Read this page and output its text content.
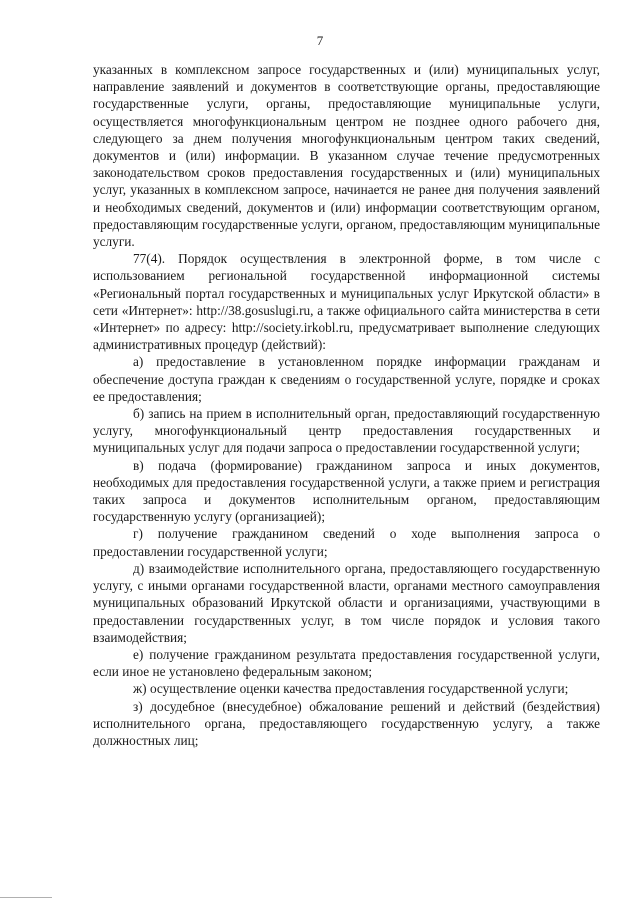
7

указанных в комплексном запросе государственных и (или) муниципальных услуг, направление заявлений и документов в соответствующие органы, предоставляющие государственные услуги, органы, предоставляющие муниципальные услуги, осуществляется многофункциональным центром не позднее одного рабочего дня, следующего за днем получения многофункциональным центром таких сведений, документов и (или) информации. В указанном случае течение предусмотренных законодательством сроков предоставления государственных и (или) муниципальных услуг, указанных в комплексном запросе, начинается не ранее дня получения заявлений и необходимых сведений, документов и (или) информации соответствующим органом, предоставляющим государственные услуги, органом, предоставляющим муниципальные услуги.

77(4). Порядок осуществления в электронной форме, в том числе с использованием региональной государственной информационной системы «Региональный портал государственных и муниципальных услуг Иркутской области» в сети «Интернет»: http://38.gosuslugi.ru, а также официального сайта министерства в сети «Интернет» по адресу: http://society.irkobl.ru, предусматривает выполнение следующих административных процедур (действий):

а) предоставление в установленном порядке информации гражданам и обеспечение доступа граждан к сведениям о государственной услуге, порядке и сроках ее предоставления;

б) запись на прием в исполнительный орган, предоставляющий государственную услугу, многофункциональный центр предоставления государственных и муниципальных услуг для подачи запроса о предоставлении государственной услуги;

в) подача (формирование) гражданином запроса и иных документов, необходимых для предоставления государственной услуги, а также прием и регистрация таких запроса и документов исполнительным органом, предоставляющим государственную услугу (организацией);

г) получение гражданином сведений о ходе выполнения запроса о предоставлении государственной услуги;

д) взаимодействие исполнительного органа, предоставляющего государственную услугу, с иными органами государственной власти, органами местного самоуправления муниципальных образований Иркутской области и организациями, участвующими в предоставлении государственных услуг, в том числе порядок и условия такого взаимодействия;

е) получение гражданином результата предоставления государственной услуги, если иное не установлено федеральным законом;

ж) осуществление оценки качества предоставления государственной услуги;

з) досудебное (внесудебное) обжалование решений и действий (бездействия) исполнительного органа, предоставляющего государственную услугу, а также должностных лиц;
